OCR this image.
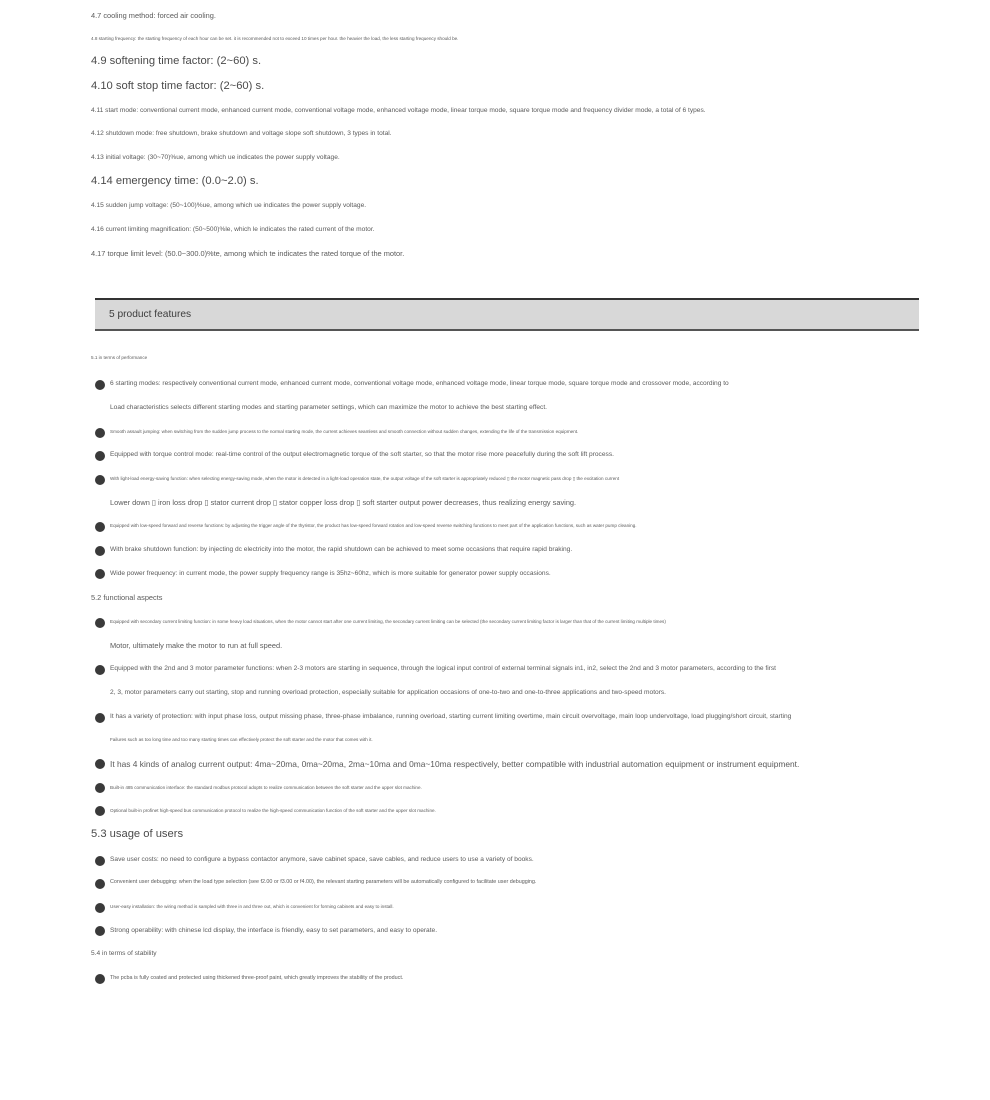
4.7 cooling method: forced air cooling.
4.8 starting frequency: the starting frequency of each hour can be set. it is recommended not to exceed 10 times per hour. the heavier the load, the less starting frequency should be.
4.9 softening time factor: (2~60) s.
4.10 soft stop time factor: (2~60) s.
4.11 start mode: conventional current mode, enhanced current mode, conventional voltage mode, enhanced voltage mode, linear torque mode, square torque mode and frequency divider mode, a total of 6 types.
4.12 shutdown mode: free shutdown, brake shutdown and voltage slope soft shutdown, 3 types in total.
4.13 initial voltage: (30~70)%ue, among which ue indicates the power supply voltage.
4.14 emergency time: (0.0~2.0) s.
4.15 sudden jump voltage: (50~100)%ue, among which ue indicates the power supply voltage.
4.16 current limiting magnification: (50~500)%le, which le indicates the rated current of the motor.
4.17 torque limit level: (50.0~300.0)%te, among which te indicates the rated torque of the motor.
5 product features
5.1 in terms of performance
6 starting modes: respectively conventional current mode, enhanced current mode, conventional voltage mode, enhanced voltage mode, linear torque mode, square torque mode and crossover mode, according to
Load characteristics selects different starting modes and starting parameter settings, which can maximize the motor to achieve the best starting effect.
Smooth assault jumping: when switching from the sudden jump process to the normal starting mode, the current achieves seamless and smooth connection without sudden changes, extending the life of the transmission equipment.
Equipped with torque control mode: real-time control of the output electromagnetic torque of the soft starter, so that the motor rise more peacefully during the soft lift process.
With light-load energy-saving function: when selecting energy-saving mode, when the motor is detected in a light-load operation state, the output voltage of the soft starter is appropriately reduced ▯ the motor magnetic pass drop ▯ the excitation current
Lower down ▯ iron loss drop ▯ stator current drop ▯ stator copper loss drop ▯ soft starter output power decreases, thus realizing energy saving.
Equipped with low-speed forward and reverse functions: by adjusting the trigger angle of the thyristor, the product has low-speed forward rotation and low-speed reverse switching functions to meet part of the application functions, such as water pump cleaning.
With brake shutdown function: by injecting dc electricity into the motor, the rapid shutdown can be achieved to meet some occasions that require rapid braking.
Wide power frequency: in current mode, the power supply frequency range is 35hz~60hz, which is more suitable for generator power supply occasions.
5.2 functional aspects
Equipped with secondary current limiting function: in some heavy load situations, when the motor cannot start after one current limiting, the secondary current limiting can be selected (the secondary current limiting factor is larger than that of the current limiting multiple times)
Motor, ultimately make the motor to run at full speed.
Equipped with the 2nd and 3 motor parameter functions: when 2-3 motors are starting in sequence, through the logical input control of external terminal signals in1, in2, select the 2nd and 3 motor parameters, according to the first
2, 3, motor parameters carry out starting, stop and running overload protection, especially suitable for application occasions of one-to-two and one-to-three applications and two-speed motors.
It has a variety of protection: with input phase loss, output missing phase, three-phase imbalance, running overload, starting current limiting overtime, main circuit overvoltage, main loop undervoltage, load plugging/short circuit, starting
Failures such as too long time and too many starting times can effectively protect the soft starter and the motor that comes with it.
It has 4 kinds of analog current output: 4ma~20ma, 0ma~20ma, 2ma~10ma and 0ma~10ma respectively, better compatible with industrial automation equipment or instrument equipment.
Built-in 485 communication interface: the standard modbus protocol adopts to realize communication between the soft starter and the upper slot machine.
Optional built-in profinet high-speed bus communication protocol to realize the high-speed communication function of the soft starter and the upper slot machine.
5.3 usage of users
Save user costs: no need to configure a bypass contactor anymore, save cabinet space, save cables, and reduce users to use a variety of books.
Convenient user debugging: when the load type selection (see f2.00 or f3.00 or f4.00), the relevant starting parameters will be automatically configured to facilitate user debugging.
User-easy installation: the wiring method is sampled with three in and three out, which is convenient for forming cabinets and easy to install.
Strong operability: with chinese lcd display, the interface is friendly, easy to set parameters, and easy to operate.
5.4 in terms of stability
The pcba is fully coated and protected using thickened three-proof paint, which greatly improves the stability of the product.
